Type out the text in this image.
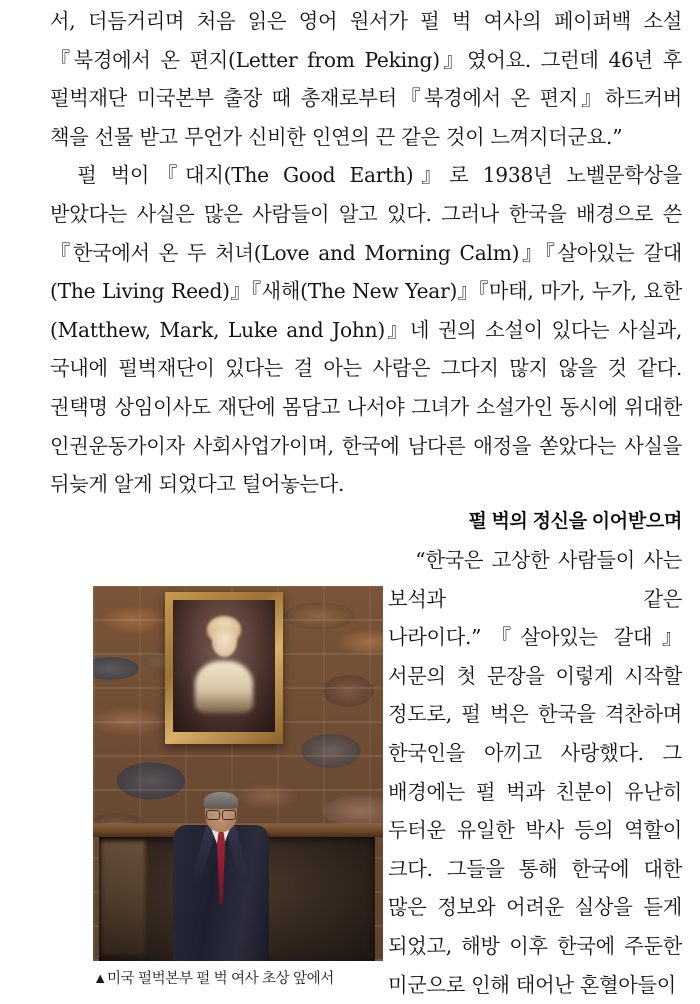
서, 더듬거리며 처음 읽은 영어 원서가 펄 벅 여사의 페이퍼백 소설『북경에서 온 편지(Letter from Peking)』였어요. 그런데 46년 후 펄벅재단 미국본부 출장 때 총재로부터『북경에서 온 편지』하드커버 책을 선물 받고 무언가 신비한 인연의 끈 같은 것이 느껴지더군요.”

펄 벅이『대지(The Good Earth)』로 1938년 노벨문학상을 받았다는 사실은 많은 사람들이 알고 있다. 그러나 한국을 배경으로 쓴『한국에서 온 두 처녀(Love and Morning Calm)』『살아있는 갈대(The Living Reed)』『새해(The New Year)』『마태, 마가, 누가, 요한(Matthew, Mark, Luke and John)』네 권의 소설이 있다는 사실과, 국내에 펄벅재단이 있다는 걸 아는 사람은 그다지 많지 않을 것 같다. 권택명 상임이사도 재단에 몸담고 나서야 그녀가 소설가인 동시에 위대한 인권운동가이자 사회사업가이며, 한국에 남다른 애정을 쏟았다는 사실을 뒤늦게 알게 되었다고 털어놓는다.

▲미국 펄벅본부 펄 벅 여사 초상 앞에서
펄 벅의 정신을 이어받으며

“한국은 고상한 사람들이 사는 보석과 같은 나라이다.”『살아있는 갈대』서문의 첫 문장을 이렇게 시작할 정도로, 펄 벅은 한국을 격찬하며 한국인을 아끼고 사랑했다. 그 배경에는 펄 벅과 친분이 유난히 두터운 유일한 박사 등의 역할이 크다. 그들을 통해 한국에 대한 많은 정보와 어려운 실상을 듣게 되었고, 해방 이후 한국에 주둔한 미군으로 인해 태어난 혼혈아들이
